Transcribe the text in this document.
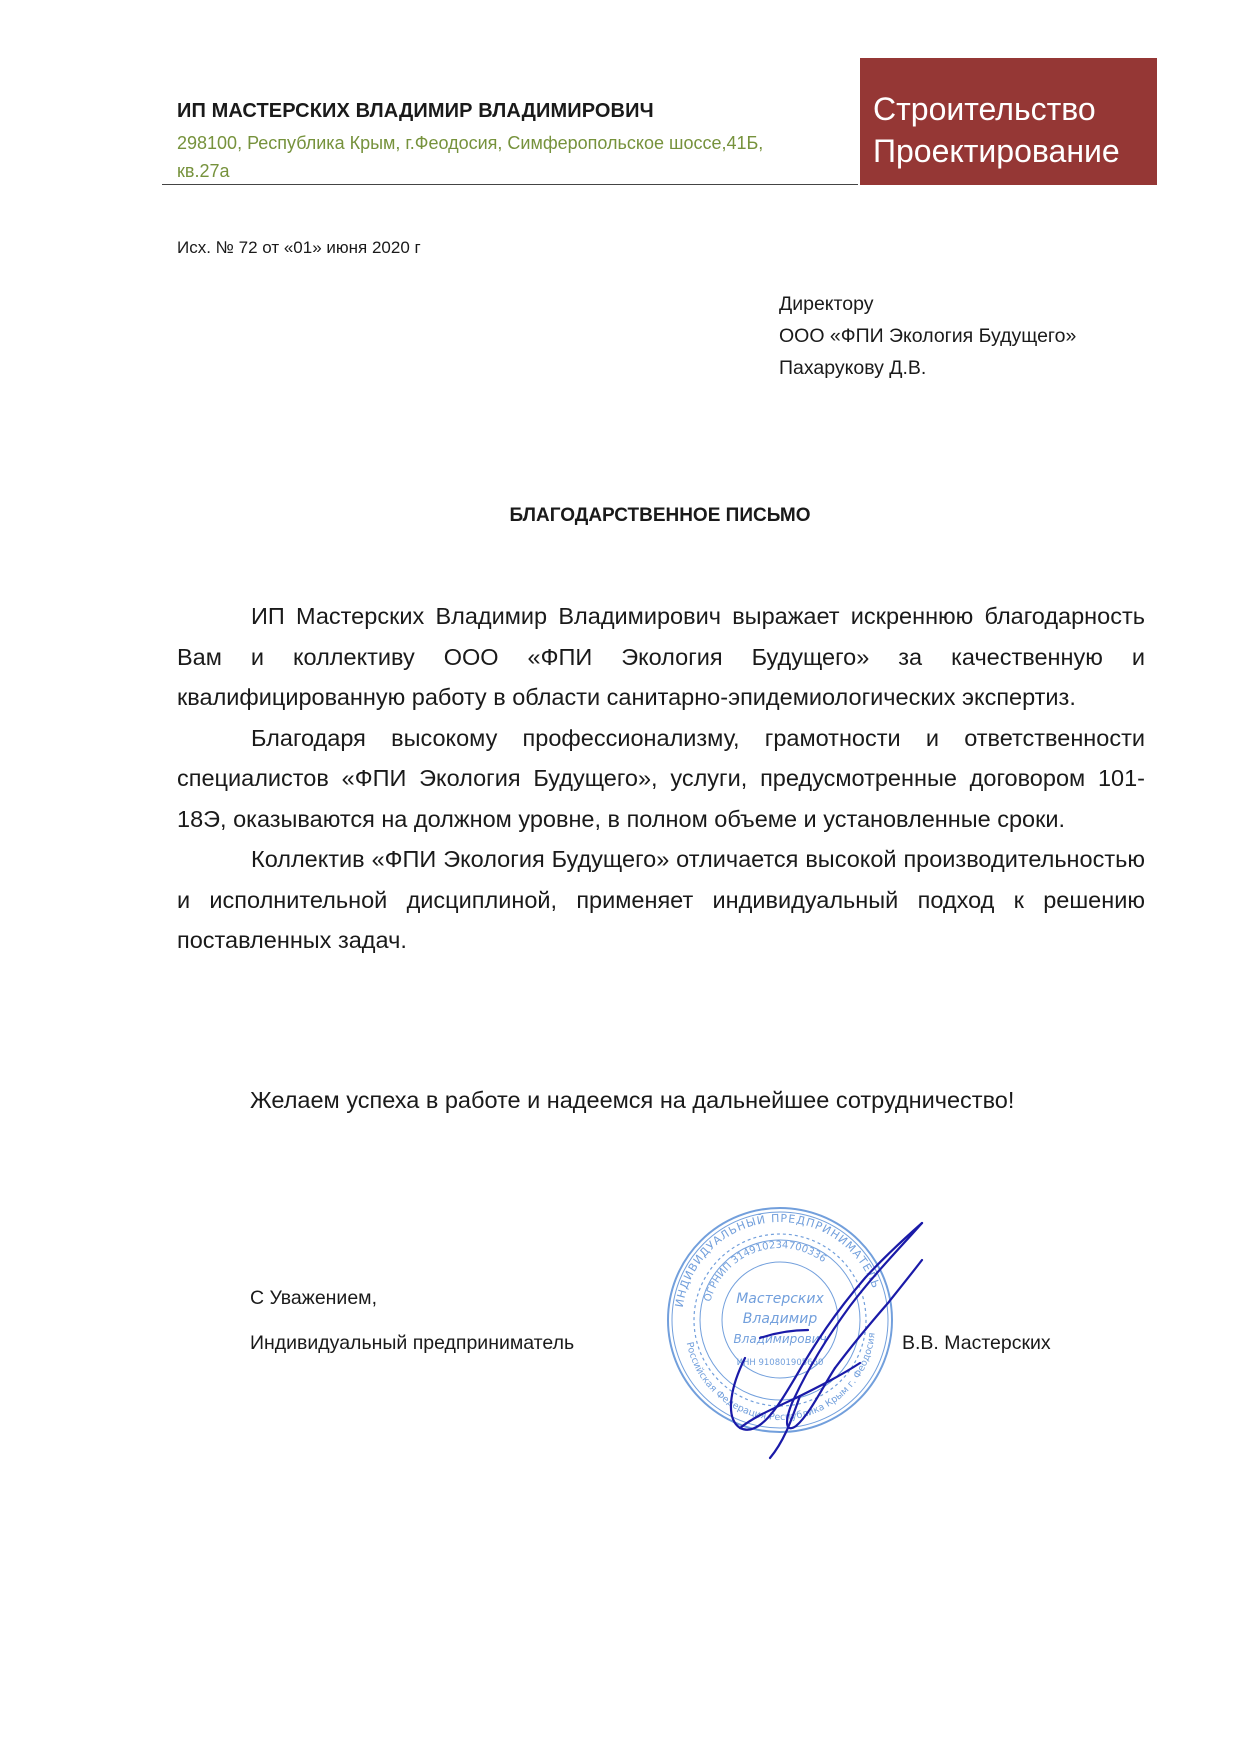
ИП МАСТЕРСКИХ ВЛАДИМИР ВЛАДИМИРОВИЧ
298100, Республика Крым, г.Феодосия, Симферопольское шоссе,41Б,
кв.27а
Строительство
Проектирование
Исх. № 72 от «01» июня 2020 г
Директору
ООО «ФПИ Экология Будущего»
Пахарукову Д.В.
БЛАГОДАРСТВЕННОЕ ПИСЬМО

ИП Мастерских Владимир Владимирович выражает искреннюю благодарность Вам и коллективу ООО «ФПИ Экология Будущего» за качественную и квалифицированную работу в области санитарно-эпидемиологических экспертиз.

Благодаря высокому профессионализму, грамотности и ответственности специалистов «ФПИ Экология Будущего», услуги, предусмотренные договором 101-18Э, оказываются на должном уровне, в полном объеме и установленные сроки.

Коллектив «ФПИ Экология Будущего» отличается высокой производительностью и исполнительной дисциплиной, применяет индивидуальный подход к решению поставленных задач.

Желаем успеха в работе и надеемся на дальнейшее сотрудничество!
С Уважением,
Индивидуальный предприниматель	В.В. Мастерских
ИНДИВИДУАЛЬНЫЙ ПРЕДПРИНИМАТЕЛЬ
ОГРНИП 314910234700336
Российская Федерация Республика Крым г. Феодосия
Мастерских
Владимир
Владимирович
ИНН 910801905660
